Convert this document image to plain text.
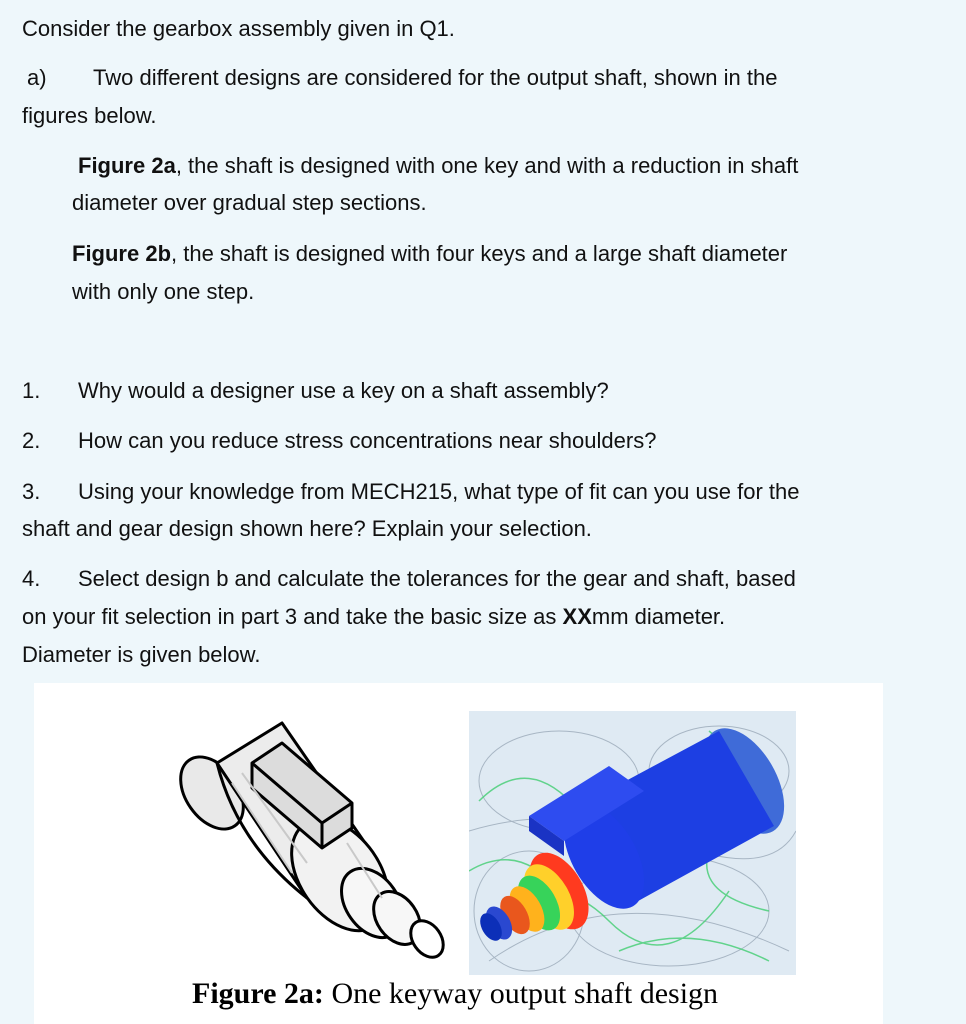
Consider the gearbox assembly given in Q1.

a) Two different designs are considered for the output shaft, shown in the

figures below.

Figure 2a, the shaft is designed with one key and with a reduction in shaft

diameter over gradual step sections.

Figure 2b, the shaft is designed with four keys and a large shaft diameter

with only one step.

1. Why would a designer use a key on a shaft assembly?

2. How can you reduce stress concentrations near shoulders?

3. Using your knowledge from MECH215, what type of fit can you use for the

shaft and gear design shown here? Explain your selection.

4. Select design b and calculate the tolerances for the gear and shaft, based

on your fit selection in part 3 and take the basic size as XXmm diameter.

Diameter is given below.

Figure 2a: One keyway output shaft design
